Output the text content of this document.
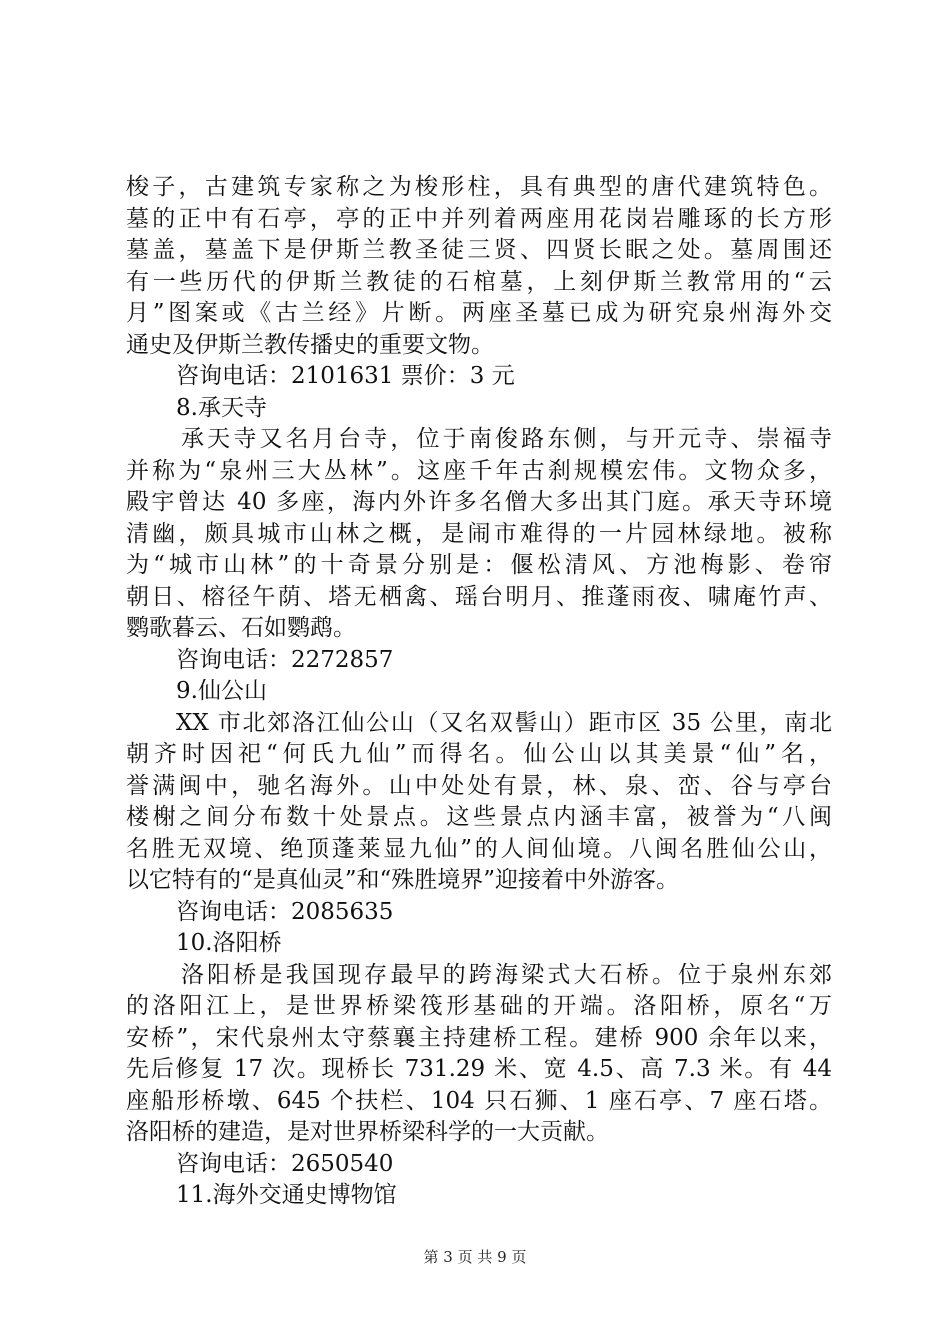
梭子，古建筑专家称之为梭形柱，具有典型的唐代建筑特色。
墓的正中有石亭，亭的正中并列着两座用花岗岩雕琢的长方形
墓盖，墓盖下是伊斯兰教圣徒三贤、四贤长眠之处。墓周围还
有一些历代的伊斯兰教徒的石棺墓，上刻伊斯兰教常用的“云
月”图案或《古兰经》片断。两座圣墓已成为研究泉州海外交
通史及伊斯兰教传播史的重要文物。
咨询电话：2101631 票价：3 元
8.承天寺
承天寺又名月台寺，位于南俊路东侧，与开元寺、崇福寺
并称为“泉州三大丛林”。这座千年古刹规模宏伟。文物众多，
殿宇曾达 40 多座，海内外许多名僧大多出其门庭。承天寺环境
清幽，颇具城市山林之概，是闹市难得的一片园林绿地。被称
为“城市山林”的十奇景分别是：偃松清风、方池梅影、卷帘
朝日、榕径午荫、塔无栖禽、瑶台明月、推蓬雨夜、啸庵竹声、
鹦歌暮云、石如鹦鹉。
咨询电话：2272857
9.仙公山
XX 市北郊洛江仙公山（又名双髻山）距市区 35 公里，南北
朝齐时因祀“何氏九仙”而得名。仙公山以其美景“仙”名，
誉满闽中，驰名海外。山中处处有景，林、泉、峦、谷与亭台
楼榭之间分布数十处景点。这些景点内涵丰富，被誉为“八闽
名胜无双境、绝顶蓬莱显九仙”的人间仙境。八闽名胜仙公山，
以它特有的“是真仙灵”和“殊胜境界”迎接着中外游客。
咨询电话：2085635
10.洛阳桥
洛阳桥是我国现存最早的跨海梁式大石桥。位于泉州东郊
的洛阳江上，是世界桥梁筏形基础的开端。洛阳桥，原名“万
安桥”，宋代泉州太守蔡襄主持建桥工程。建桥 900 余年以来，
先后修复 17 次。现桥长 731.29 米、宽 4.5、高 7.3 米。有 44
座船形桥墩、645 个扶栏、104 只石狮、1 座石亭、7 座石塔。
洛阳桥的建造，是对世界桥梁科学的一大贡献。
咨询电话：2650540
11.海外交通史博物馆
第 3 页 共 9 页
